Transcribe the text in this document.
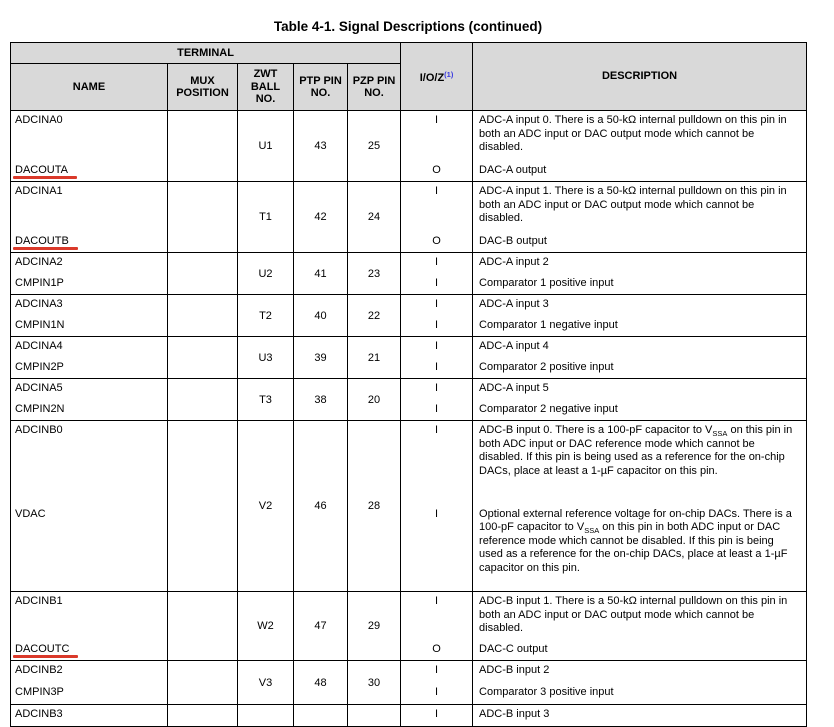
Table 4-1. Signal Descriptions (continued)
TERMINAL					$I/O/Z^{(1)}$	DESCRIPTION
NAME	MUX POSITION	ZWT BALL NO.	PTP PIN NO.	PZP PIN NO.		
ADCINA0		U1	43	25	I	ADC-A input 0. There is a 50-kΩ internal pulldown on this pin in both an ADC input or DAC output mode which cannot be disabled.
DACOUTA					O	DAC-A output
ADCINA1		T1	42	24	I	ADC-A input 1. There is a 50-kΩ internal pulldown on this pin in both an ADC input or DAC output mode which cannot be disabled.
DACOUTB					O	DAC-B output
ADCINA2		U2	41	23	I	ADC-A input 2
CMPIN1P					I	Comparator 1 positive input
ADCINA3		T2	40	22	I	ADC-A input 3
CMPIN1N					I	Comparator 1 negative input
ADCINA4		U3	39	21	I	ADC-A input 4
CMPIN2P					I	Comparator 2 positive input
ADCINA5		T3	38	20	I	ADC-A input 5
CMPIN2N					I	Comparator 2 negative input
ADCINB0		V2	46	28	I	ADC-B input 0. There is a 100-pF capacitor to $V_{SSA}$ on this pin in both ADC input or DAC reference mode which cannot be disabled. If this pin is being used as a reference for the on-chip DACs, place at least a 1-µF capacitor on this pin.
VDAC					I	Optional external reference voltage for on-chip DACs. There is a 100-pF capacitor to $V_{SSA}$ on this pin in both ADC input or DAC reference mode which cannot be disabled. If this pin is being used as a reference for the on-chip DACs, place at least a 1-µF capacitor on this pin.
ADCINB1		W2	47	29	I	ADC-B input 1. There is a 50-kΩ internal pulldown on this pin in both an ADC input or DAC output mode which cannot be disabled.
DACOUTC					O	DAC-C output
ADCINB2		V3	48	30	I	ADC-B input 2
CMPIN3P					I	Comparator 3 positive input
ADCINB3					I	ADC-B input 3
